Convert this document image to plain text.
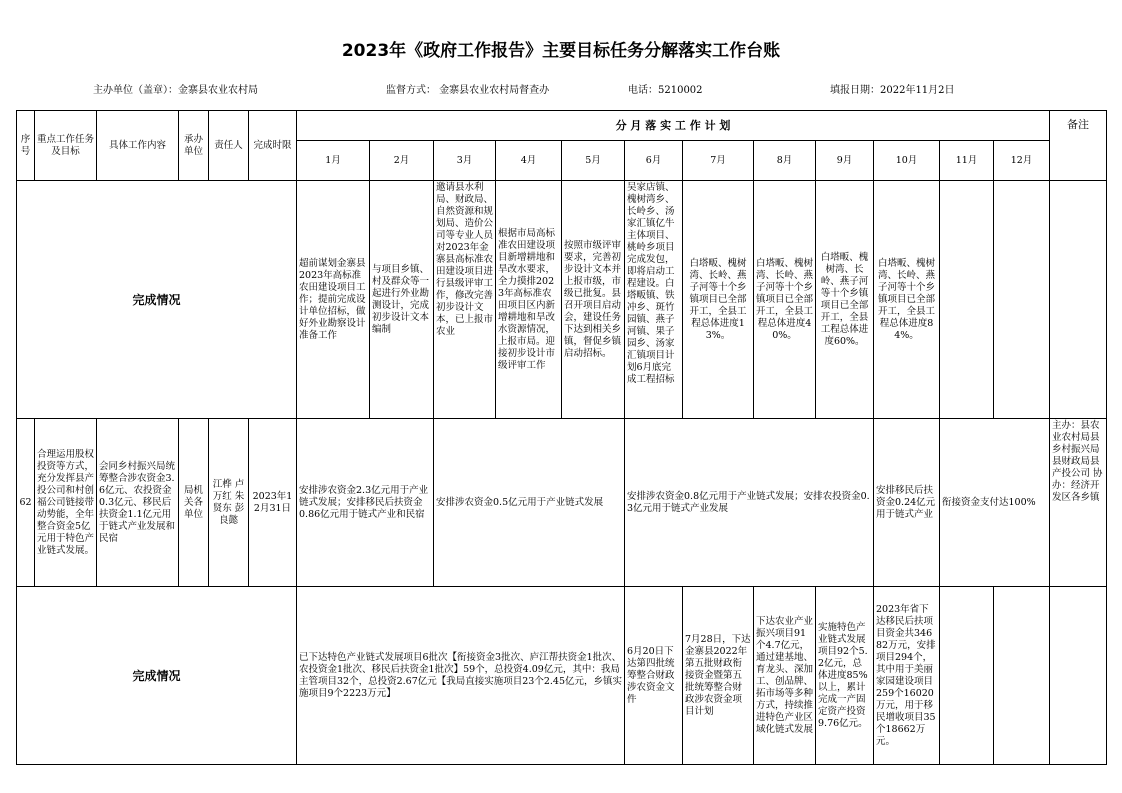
2023年《政府工作报告》主要目标任务分解落实工作台账
主办单位（盖章）：金寨县农业农村局	监督方式： 金寨县农业农村局督查办	电话：5210002	填报日期：2022年11月2日
序号	重点工作任务及目标	具体工作内容	承办单位	责任人	完成时限	分 月 落 实 工 作 计 划												备注
						1月	2月	3月	4月	5月	6月	7月	8月	9月	10月	11月	12月	
完成情况						超前谋划金寨县2023年高标准农田建设项目工作；提前完成设计单位招标，做好外业勘察设计准备工作	与项目乡镇、村及群众等一起进行外业勘测设计，完成初步设计文本编制	邀请县水利局、财政局、自然资源和规划局、造价公司等专业人员对2023年金寨县高标准农田建设项目进行县级评审工作，修改完善初步设计文本，已上报市农业	根据市局高标准农田建设项目新增耕地和旱改水要求，全力摸排2023年高标准农田项目区内新增耕地和旱改水资源情况，上报市局。迎接初步设计市级评审工作	按照市级评审要求，完善初步设计文本并上报市级，市级已批复。县召开项目启动会，建设任务下达到相关乡镇，督促乡镇启动招标。	吴家店镇、槐树湾乡、长岭乡、汤家汇镇亿牛主体项目、桃岭乡项目完成发包，即将启动工程建设。白塔畈镇、铁冲乡、斑竹园镇、燕子河镇、果子园乡、汤家汇镇项目计划6月底完成工程招标	白塔畈、槐树湾、长岭、燕子河等十个乡镇项目已全部开工，全县工程总体进度13%。	白塔畈、槐树湾、长岭、燕子河等十个乡镇项目已全部开工，全县工程总体进度40%。	白塔畈、槐树湾、长岭、燕子河等十个乡镇项目已全部开工，全县工程总体进度60%。	白塔畈、槐树湾、长岭、燕子河等十个乡镇项目已全部开工，全县工程总体进度84%。			
62	合理运用股权投资等方式，充分发挥县产投公司和村创福公司链接带动势能，全年整合资金5亿元用于特色产业链式发展。	会同乡村振兴局统筹整合涉农资金3.6亿元、农投资金0.3亿元、移民后扶资金1.1亿元用于链式产业发展和民宿	局机关各单位	江桦 卢万红 朱贤东 彭良懿	2023年12月31日	安排涉农资金2.3亿元用于产业链式发展；安排移民后扶资金0.86亿元用于链式产业和民宿		安排涉农资金0.5亿元用于产业链式发展			安排涉农资金0.8亿元用于产业链式发展；安排农投资金0.3亿元用于链式产业发展				安排移民后扶资金0.24亿元用于链式产业	衔接资金支付达100%		主办：县农业农村局县乡村振兴局县财政局县产投公司 协办：经济开发区各乡镇
完成情况						已下达特色产业链式发展项目6批次【衔接资金3批次、庐江帮扶资金1批次、农投资金1批次、移民后扶资金1批次】59个，总投资4.09亿元，其中：我局主管项目32个，总投资2.67亿元【我局直接实施项目23个2.45亿元，乡镇实施项目9个2223万元】					6月20日下达第四批统筹整合财政涉农资金文件	7月28日，下达金寨县2022年第五批财政衔接资金暨第五批统筹整合财政涉农资金项目计划	下达农业产业振兴项目91个4.7亿元，通过建基地、育龙头、深加工、创品牌、拓市场等多种方式，持续推进特色产业区域化链式发展	实施特色产业链式发展项目92个5.2亿元，总体进度85%以上，累计完成一产固定资产投资9.76亿元。	2023年省下达移民后扶项目资金共34682万元，安排项目294个，其中用于美丽家园建设项目259个16020万元，用于移民增收项目35个18662万元。			
